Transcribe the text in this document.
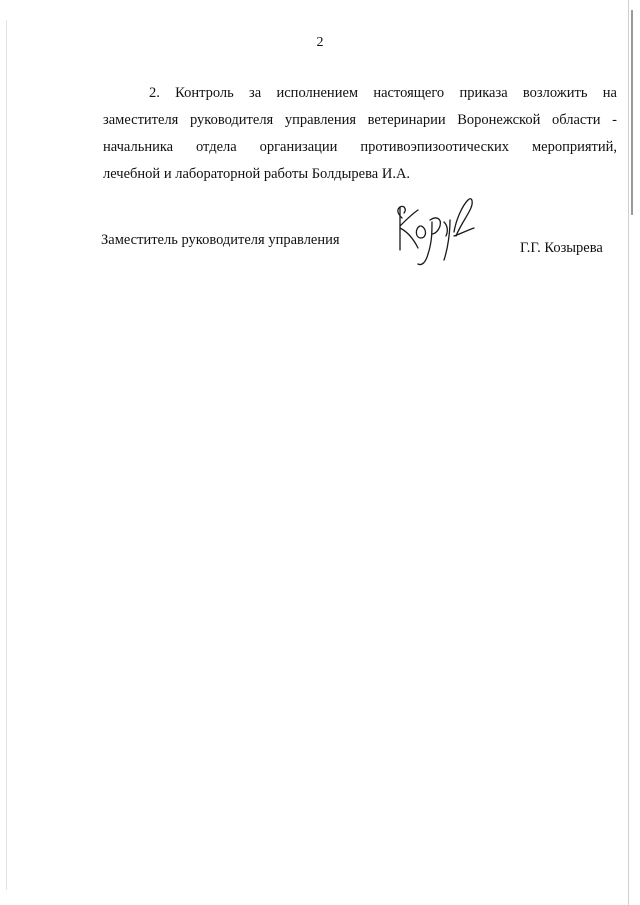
2
2. Контроль за исполнением настоящего приказа возложить на
заместителя руководителя управления ветеринарии Воронежской области -
начальника отдела организации противоэпизоотических мероприятий,
лечебной
и
лабораторной
работы
Болдырева
И.А.
Заместитель руководителя управления	Г.Г. Козырева
